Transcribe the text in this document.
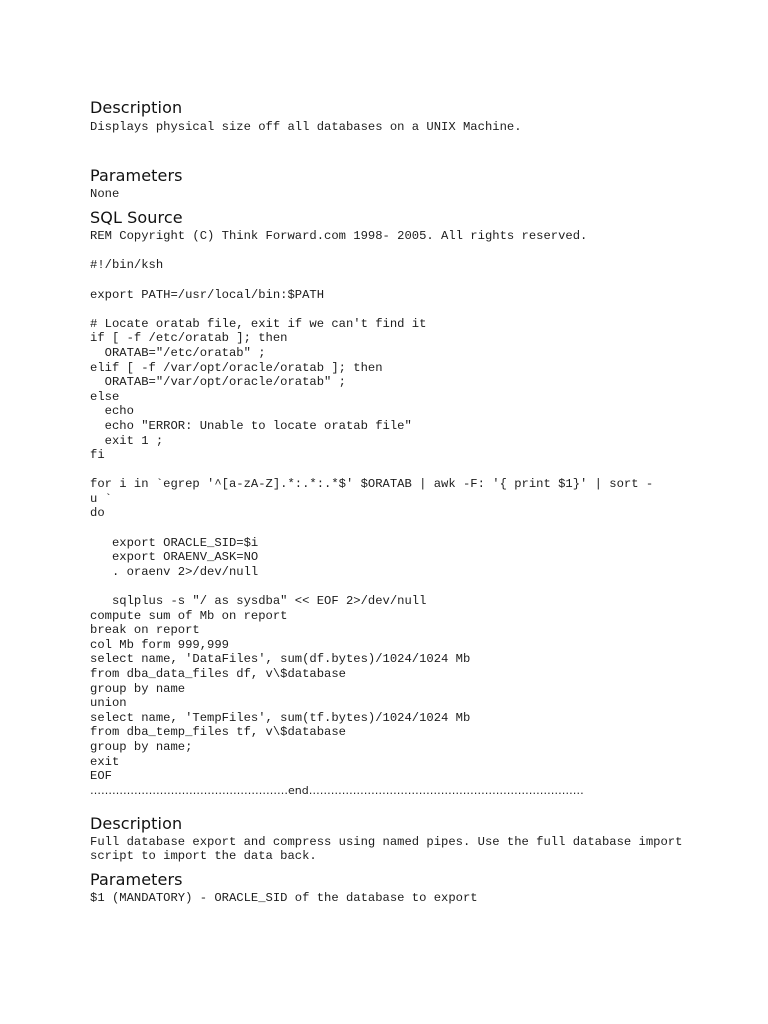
Description

Displays physical size off all databases on a UNIX Machine.

Parameters

None

SQL Source
REM Copyright (C) Think Forward.com 1998- 2005. All rights reserved.

#!/bin/ksh

export PATH=/usr/local/bin:$PATH

# Locate oratab file, exit if we can't find it
if [ -f /etc/oratab ]; then
ORATAB="/etc/oratab" ;
elif [ -f /var/opt/oracle/oratab ]; then
ORATAB="/var/opt/oracle/oratab" ;
else
echo
echo "ERROR: Unable to locate oratab file"
exit 1 ;
fi

for i in `egrep '^[a-zA-Z].*:.*:.*$' $ORATAB | awk -F: '{ print $1}' | sort -
u `
do

export ORACLE_SID=$i
export ORAENV_ASK=NO
. oraenv 2>/dev/null

sqlplus -s "/ as sysdba" << EOF 2>/dev/null
compute sum of Mb on report
break on report
col Mb form 999,999
select name, 'DataFiles', sum(df.bytes)/1024/1024 Mb
from dba_data_files df, v\$database
group by name
union
select name, 'TempFiles', sum(tf.bytes)/1024/1024 Mb
from dba_temp_files tf, v\$database
group by name;
exit
EOF

………………………………………………end…………………………………………………………………

Description

Full database export and compress using named pipes. Use the full database import script to import the data back.

Parameters

$1 (MANDATORY) - ORACLE_SID of the database to export
